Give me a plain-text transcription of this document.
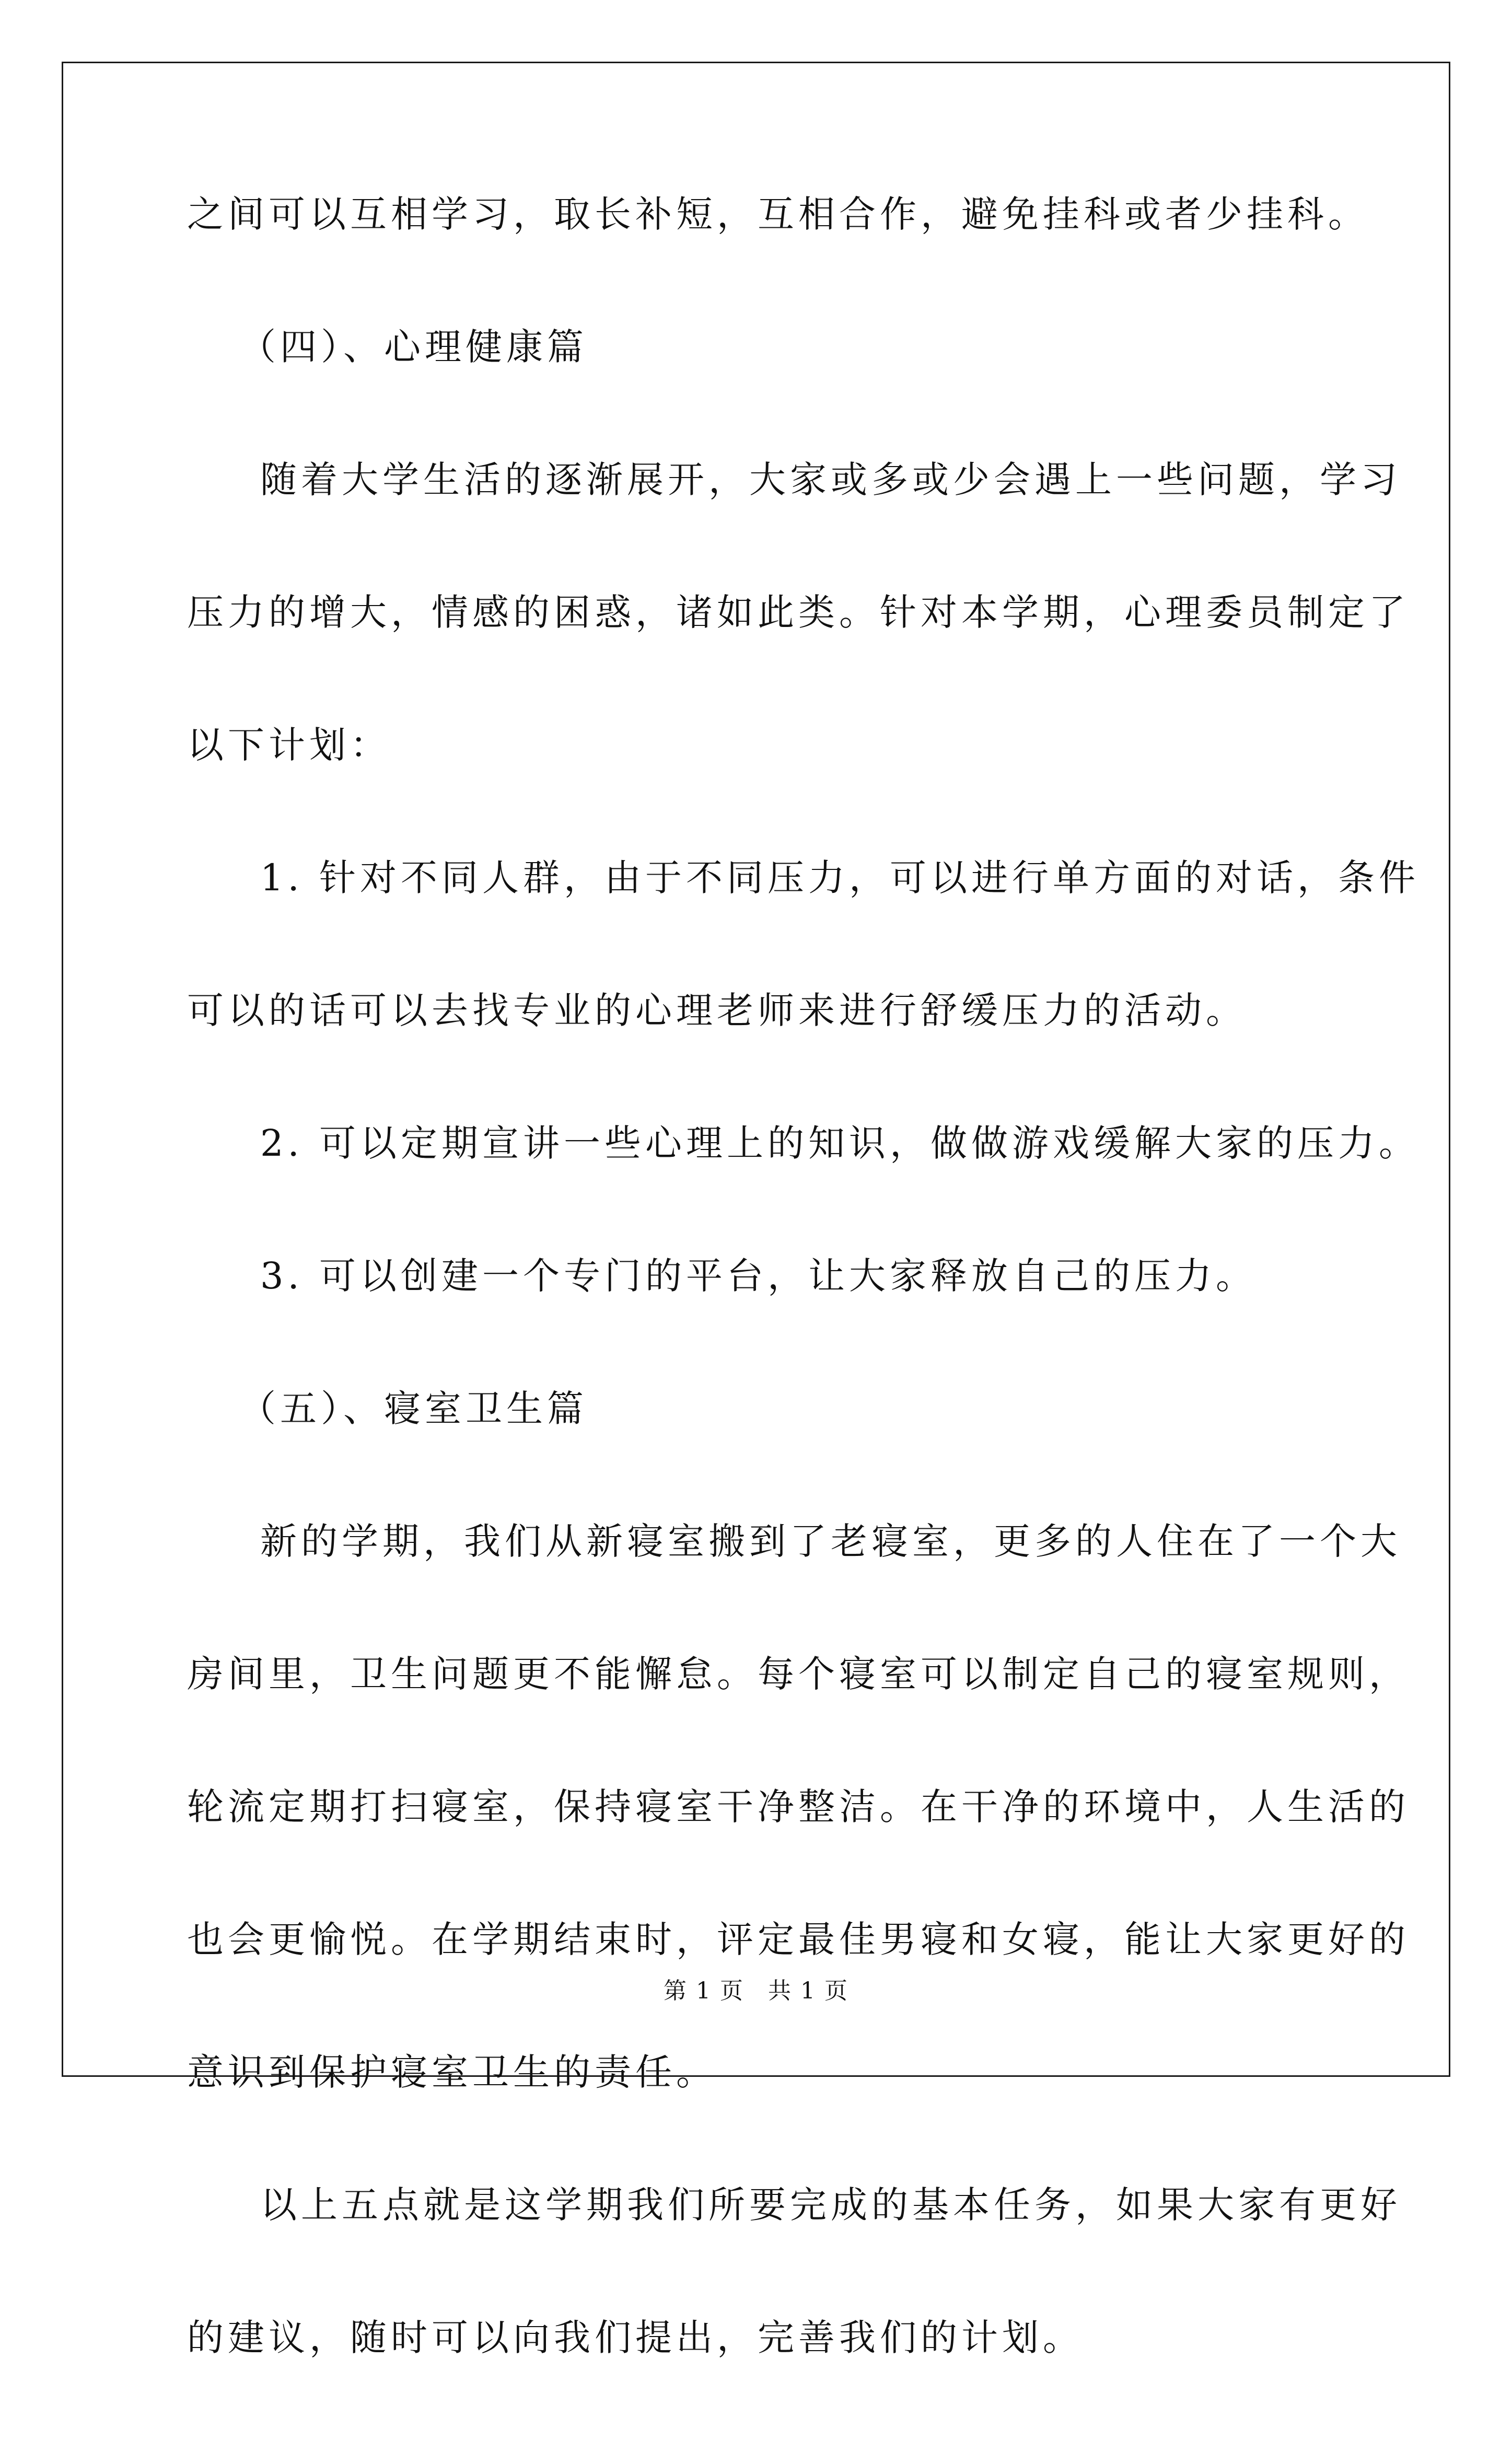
之间可以互相学习，取长补短，互相合作，避免挂科或者少挂科。
（四）、心理健康篇
随着大学生活的逐渐展开，大家或多或少会遇上一些问题，学习
压力的增大，情感的困惑，诸如此类。针对本学期，心理委员制定了
以下计划：
1. 针对不同人群，由于不同压力，可以进行单方面的对话，条件
可以的话可以去找专业的心理老师来进行舒缓压力的活动。
2. 可以定期宣讲一些心理上的知识，做做游戏缓解大家的压力。
3. 可以创建一个专门的平台，让大家释放自己的压力。
（五）、寝室卫生篇
新的学期，我们从新寝室搬到了老寝室，更多的人住在了一个大
房间里，卫生问题更不能懈怠。每个寝室可以制定自己的寝室规则，
轮流定期打扫寝室，保持寝室干净整洁。在干净的环境中，人生活的
也会更愉悦。在学期结束时，评定最佳男寝和女寝，能让大家更好的
意识到保护寝室卫生的责任。
以上五点就是这学期我们所要完成的基本任务，如果大家有更好
的建议，随时可以向我们提出，完善我们的计划。
第 1 页　共 1 页
